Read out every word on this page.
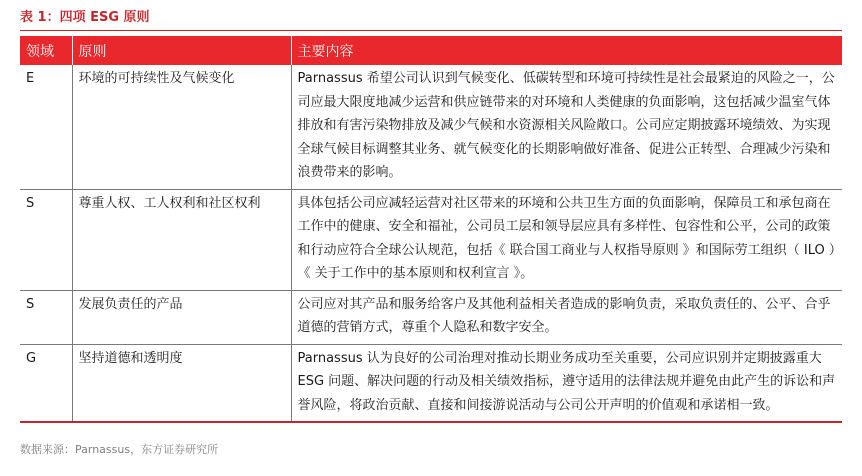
表 1：四项 ESG 原则
领域	原则	主要内容
E	环境的可持续性及气候变化	Parnassus 希望公司认识到气候变化、低碳转型和环境可持续性是社会最紧迫的风险之一，公司应最大限度地减少运营和供应链带来的对环境和人类健康的负面影响，这包括减少温室气体排放和有害污染物排放及减少气候和水资源相关风险敞口。公司应定期披露环境绩效、为实现全球气候目标调整其业务、就气候变化的长期影响做好准备、促进公正转型、合理减少污染和浪费带来的影响。
S	尊重人权、工人权利和社区权利	具体包括公司应减轻运营对社区带来的环境和公共卫生方面的负面影响，保障员工和承包商在工作中的健康、安全和福祉，公司员工层和领导层应具有多样性、包容性和公平，公司的政策和行动应符合全球公认规范，包括《 联合国工商业与人权指导原则 》和国际劳工组织（ ILO ）《 关于工作中的基本原则和权利宣言 》。
S	发展负责任的产品	公司应对其产品和服务给客户及其他利益相关者造成的影响负责，采取负责任的、公平、合乎道德的营销方式，尊重个人隐私和数字安全。
G	坚持道德和透明度	Parnassus 认为良好的公司治理对推动长期业务成功至关重要，公司应识别并定期披露重大 ESG 问题、解决问题的行动及相关绩效指标，遵守适用的法律法规并避免由此产生的诉讼和声誉风险，将政治贡献、直接和间接游说活动与公司公开声明的价值观和承诺相一致。
数据来源：Parnassus，东方证券研究所
